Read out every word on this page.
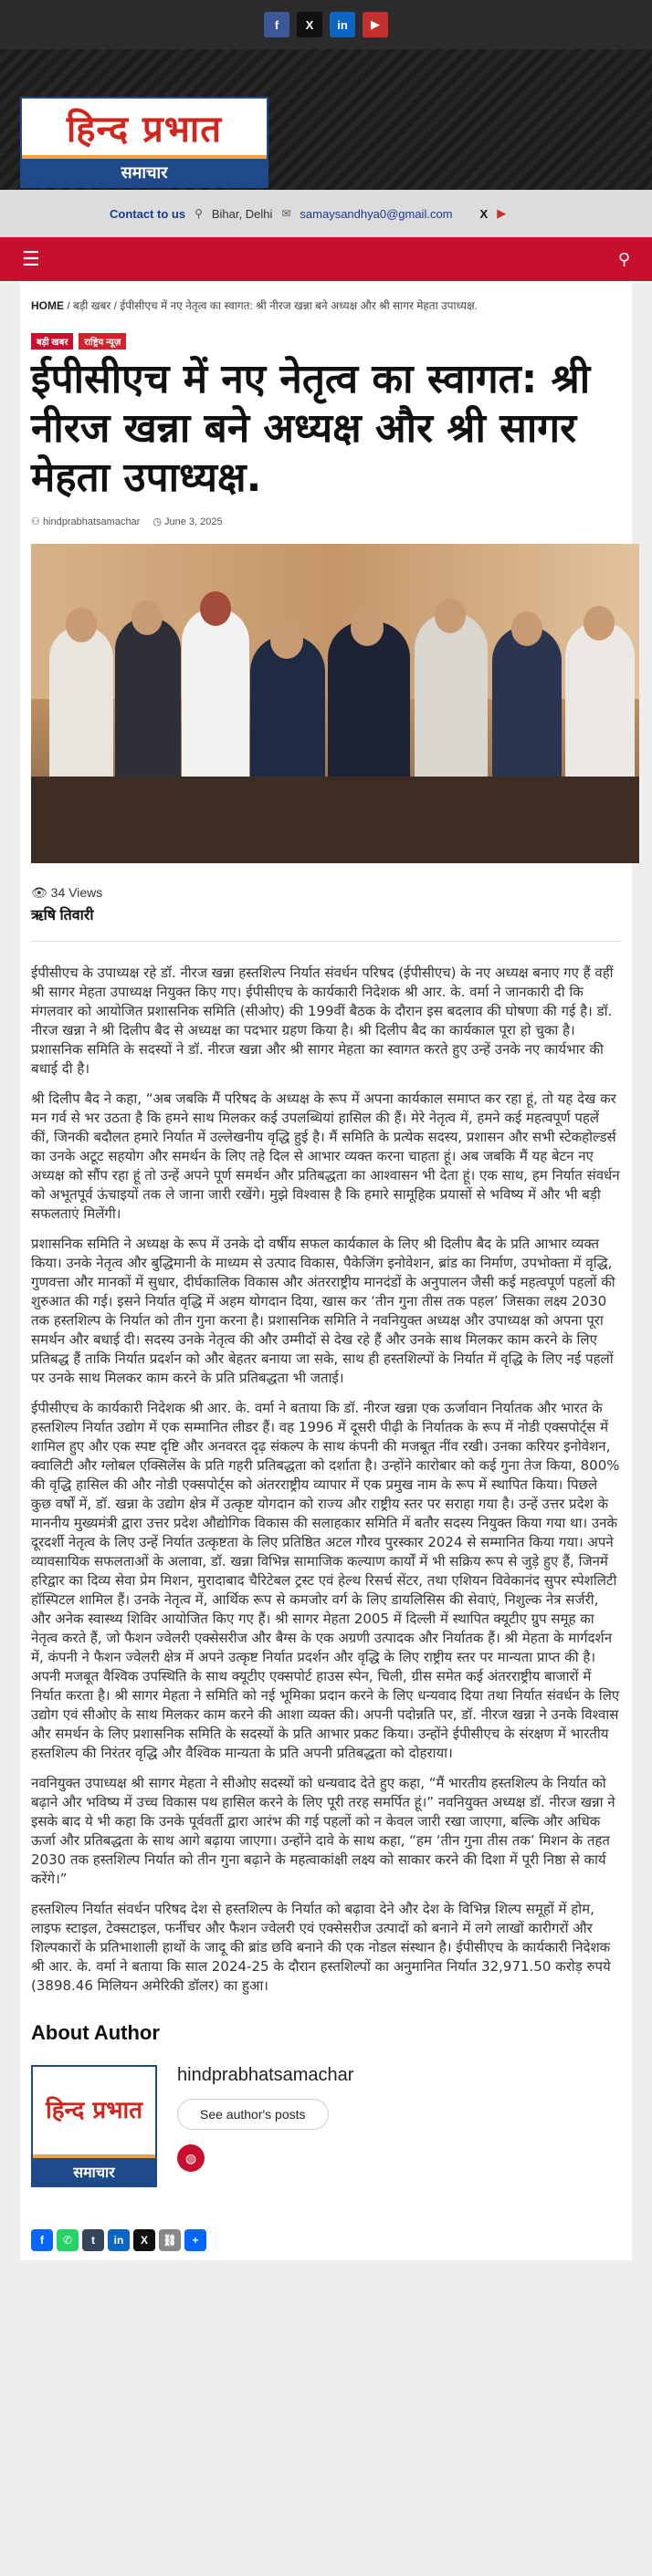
f	X	in	▶
हिन्द प्रभात
समाचार
Contact to us ⚲ Bihar, Delhi ✉ samaysandhya0@gmail.com X ▶
☰	⚲
HOME / बड़ी खबर / ईपीसीएच में नए नेतृत्व का स्वागत: श्री नीरज खन्ना बने अध्यक्ष और श्री सागर मेहता उपाध्यक्ष.
बड़ी खबर	राष्ट्रिय न्यूज़
ईपीसीएच में नए नेतृत्व का स्वागत: श्री नीरज खन्ना बने अध्यक्ष और श्री सागर मेहता उपाध्यक्ष.
⚇ hindprabhatsamachar ◷ June 3, 2025
👁 34 Views
ऋषि तिवारी

ईपीसीएच के उपाध्यक्ष रहे डॉ. नीरज खन्ना हस्तशिल्प निर्यात संवर्धन परिषद (ईपीसीएच) के नए अध्यक्ष बनाए गए हैं वहीं श्री सागर मेहता उपाध्यक्ष नियुक्त किए गए। ईपीसीएच के कार्यकारी निदेशक श्री आर. के. वर्मा ने जानकारी दी कि मंगलवार को आयोजित प्रशासनिक समिति (सीओए) की 199वीं बैठक के दौरान इस बदलाव की घोषणा की गई है। डॉ. नीरज खन्ना ने श्री दिलीप बैद से अध्यक्ष का पदभार ग्रहण किया है। श्री दिलीप बैद का कार्यकाल पूरा हो चुका है। प्रशासनिक समिति के सदस्यों ने डॉ. नीरज खन्ना और श्री सागर मेहता का स्वागत करते हुए उन्हें उनके नए कार्यभार की बधाई दी है।

श्री दिलीप बैद ने कहा, “अब जबकि मैं परिषद के अध्यक्ष के रूप में अपना कार्यकाल समाप्त कर रहा हूं, तो यह देख कर मन गर्व से भर उठता है कि हमने साथ मिलकर कई उपलब्धियां हासिल की हैं। मेरे नेतृत्व में, हमने कई महत्वपूर्ण पहलें कीं, जिनकी बदौलत हमारे निर्यात में उल्लेखनीय वृद्धि हुई है। मैं समिति के प्रत्येक सदस्य, प्रशासन और सभी स्टेकहोल्डर्स का उनके अटूट सहयोग और समर्थन के लिए तहे दिल से आभार व्यक्त करना चाहता हूं। अब जबकि मैं यह बेटन नए अध्यक्ष को सौंप रहा हूं तो उन्हें अपने पूर्ण समर्थन और प्रतिबद्धता का आश्वासन भी देता हूं। एक साथ, हम निर्यात संवर्धन को अभूतपूर्व ऊंचाइयों तक ले जाना जारी रखेंगे। मुझे विश्वास है कि हमारे सामूहिक प्रयासों से भविष्य में और भी बड़ी सफलताएं मिलेंगी।

प्रशासनिक समिति ने अध्यक्ष के रूप में उनके दो वर्षीय सफल कार्यकाल के लिए श्री दिलीप बैद के प्रति आभार व्यक्त किया। उनके नेतृत्व और बुद्धिमानी के माध्यम से उत्पाद विकास, पैकेजिंग इनोवेशन, ब्रांड का निर्माण, उपभोक्ता में वृद्धि, गुणवत्ता और मानकों में सुधार, दीर्घकालिक विकास और अंतरराष्ट्रीय मानदंडों के अनुपालन जैसी कई महत्वपूर्ण पहलों की शुरुआत की गई। इसने निर्यात वृद्धि में अहम योगदान दिया, खास कर ‘तीन गुना तीस तक पहल’ जिसका लक्ष्य 2030 तक हस्तशिल्प के निर्यात को तीन गुना करना है। प्रशासनिक समिति ने नवनियुक्त अध्यक्ष और उपाध्यक्ष को अपना पूरा समर्थन और बधाई दी। सदस्य उनके नेतृत्व की और उम्मीदों से देख रहे हैं और उनके साथ मिलकर काम करने के लिए प्रतिबद्ध हैं ताकि निर्यात प्रदर्शन को और बेहतर बनाया जा सके, साथ ही हस्तशिल्पों के निर्यात में वृद्धि के लिए नई पहलों पर उनके साथ मिलकर काम करने के प्रति प्रतिबद्धता भी जताई।

ईपीसीएच के कार्यकारी निदेशक श्री आर. के. वर्मा ने बताया कि डॉ. नीरज खन्ना एक ऊर्जावान निर्यातक और भारत के हस्तशिल्प निर्यात उद्योग में एक सम्मानित लीडर हैं। वह 1996 में दूसरी पीढ़ी के निर्यातक के रूप में नोडी एक्सपोर्ट्स में शामिल हुए और एक स्पष्ट दृष्टि और अनवरत दृढ़ संकल्प के साथ कंपनी की मजबूत नींव रखी। उनका करियर इनोवेशन, क्वालिटी और ग्लोबल एक्सिलेंस के प्रति गहरी प्रतिबद्धता को दर्शाता है। उन्होंने कारोबार को कई गुना तेज किया, 800% की वृद्धि हासिल की और नोडी एक्सपोर्ट्स को अंतरराष्ट्रीय व्यापार में एक प्रमुख नाम के रूप में स्थापित किया। पिछले कुछ वर्षों में, डॉ. खन्ना के उद्योग क्षेत्र में उत्कृष्ट योगदान को राज्य और राष्ट्रीय स्तर पर सराहा गया है। उन्हें उत्तर प्रदेश के माननीय मुख्यमंत्री द्वारा उत्तर प्रदेश औद्योगिक विकास की सलाहकार समिति में बतौर सदस्य नियुक्त किया गया था। उनके दूरदर्शी नेतृत्व के लिए उन्हें निर्यात उत्कृष्टता के लिए प्रतिष्ठित अटल गौरव पुरस्कार 2024 से सम्मानित किया गया। अपने व्यावसायिक सफलताओं के अलावा, डॉ. खन्ना विभिन्न सामाजिक कल्याण कार्यों में भी सक्रिय रूप से जुड़े हुए हैं, जिनमें हरिद्वार का दिव्य सेवा प्रेम मिशन, मुरादाबाद चैरिटेबल ट्रस्ट एवं हेल्थ रिसर्च सेंटर, तथा एशियन विवेकानंद सुपर स्पेशलिटी हॉस्पिटल शामिल हैं। उनके नेतृत्व में, आर्थिक रूप से कमजोर वर्ग के लिए डायलिसिस की सेवाएं, निशुल्क नेत्र सर्जरी, और अनेक स्वास्थ्य शिविर आयोजित किए गए हैं। श्री सागर मेहता 2005 में दिल्ली में स्थापित क्यूटीए ग्रुप समूह का नेतृत्व करते हैं, जो फैशन ज्वेलरी एक्सेसरीज और बैग्स के एक अग्रणी उत्पादक और निर्यातक हैं। श्री मेहता के मार्गदर्शन में, कंपनी ने फैशन ज्वेलरी क्षेत्र में अपने उत्कृष्ट निर्यात प्रदर्शन और वृद्धि के लिए राष्ट्रीय स्तर पर मान्यता प्राप्त की है। अपनी मजबूत वैश्विक उपस्थिति के साथ क्यूटीए एक्सपोर्ट हाउस स्पेन, चिली, ग्रीस समेत कई अंतरराष्ट्रीय बाजारों में निर्यात करता है। श्री सागर मेहता ने समिति को नई भूमिका प्रदान करने के लिए धन्यवाद दिया तथा निर्यात संवर्धन के लिए उद्योग एवं सीओए के साथ मिलकर काम करने की आशा व्यक्त की। अपनी पदोन्नति पर, डॉ. नीरज खन्ना ने उनके विश्वास और समर्थन के लिए प्रशासनिक समिति के सदस्यों के प्रति आभार प्रकट किया। उन्होंने ईपीसीएच के संरक्षण में भारतीय हस्तशिल्प की निरंतर वृद्धि और वैश्विक मान्यता के प्रति अपनी प्रतिबद्धता को दोहराया।

नवनियुक्त उपाध्यक्ष श्री सागर मेहता ने सीओए सदस्यों को धन्यवाद देते हुए कहा, “मैं भारतीय हस्तशिल्प के निर्यात को बढ़ाने और भविष्य में उच्च विकास पथ हासिल करने के लिए पूरी तरह समर्पित हूं।” नवनियुक्त अध्यक्ष डॉ. नीरज खन्ना ने इसके बाद ये भी कहा कि उनके पूर्ववर्ती द्वारा आरंभ की गई पहलों को न केवल जारी रखा जाएगा, बल्कि और अधिक ऊर्जा और प्रतिबद्धता के साथ आगे बढ़ाया जाएगा। उन्होंने दावे के साथ कहा, “हम ‘तीन गुना तीस तक’ मिशन के तहत 2030 तक हस्तशिल्प निर्यात को तीन गुना बढ़ाने के महत्वाकांक्षी लक्ष्य को साकार करने की दिशा में पूरी निष्ठा से कार्य करेंगे।”

हस्तशिल्प निर्यात संवर्धन परिषद देश से हस्तशिल्प के निर्यात को बढ़ावा देने और देश के विभिन्न शिल्प समूहों में होम, लाइफ स्टाइल, टेक्सटाइल, फर्नीचर और फैशन ज्वेलरी एवं एक्सेसरीज उत्पादों को बनाने में लगे लाखों कारीगरों और शिल्पकारों के प्रतिभाशाली हाथों के जादू की ब्रांड छवि बनाने की एक नोडल संस्थान है। ईपीसीएच के कार्यकारी निदेशक श्री आर. के. वर्मा ने बताया कि साल 2024-25 के दौरान हस्तशिल्पों का अनुमानित निर्यात 32,971.50 करोड़ रुपये (3898.46 मिलियन अमेरिकी डॉलर) का हुआ।

About Author
हिन्द प्रभात
समाचार
hindprabhatsamachar
See author's posts
◍
f	✆	t	in	X	⛓	+
